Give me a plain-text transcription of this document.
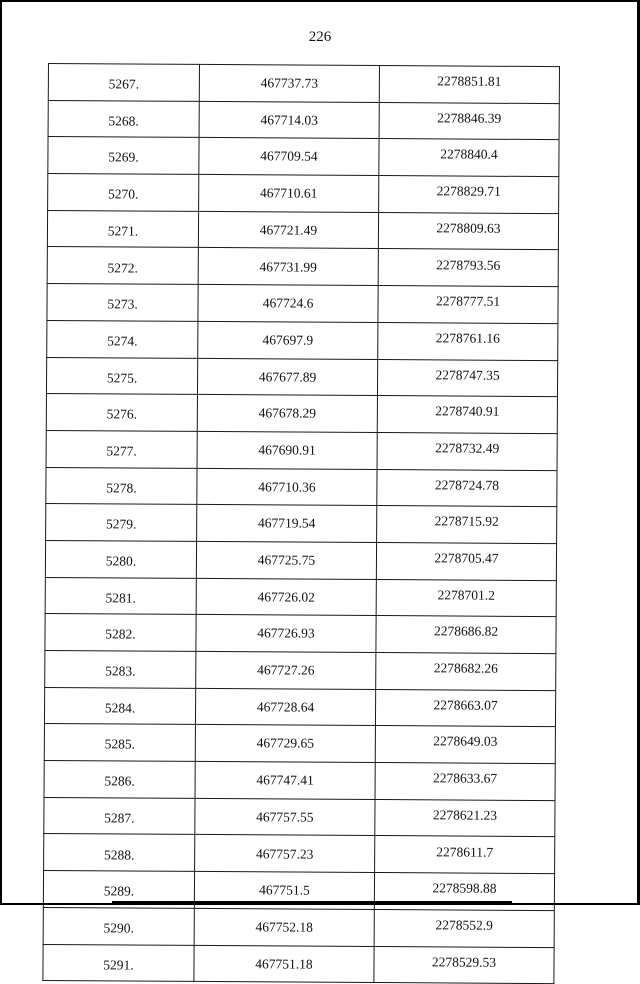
226
5267.	467737.73	2278851.81
5268.	467714.03	2278846.39
5269.	467709.54	2278840.4
5270.	467710.61	2278829.71
5271.	467721.49	2278809.63
5272.	467731.99	2278793.56
5273.	467724.6	2278777.51
5274.	467697.9	2278761.16
5275.	467677.89	2278747.35
5276.	467678.29	2278740.91
5277.	467690.91	2278732.49
5278.	467710.36	2278724.78
5279.	467719.54	2278715.92
5280.	467725.75	2278705.47
5281.	467726.02	2278701.2
5282.	467726.93	2278686.82
5283.	467727.26	2278682.26
5284.	467728.64	2278663.07
5285.	467729.65	2278649.03
5286.	467747.41	2278633.67
5287.	467757.55	2278621.23
5288.	467757.23	2278611.7
5289.	467751.5	2278598.88
5290.	467752.18	2278552.9
5291.	467751.18	2278529.53
